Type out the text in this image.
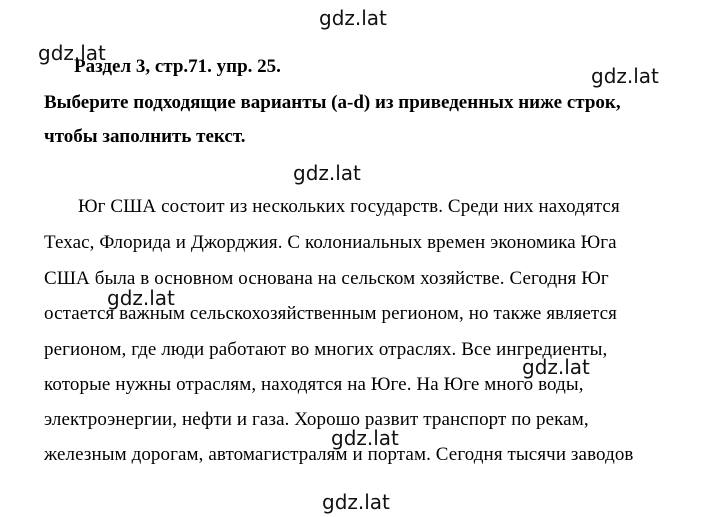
Раздел 3, стр.71. упр. 25.
Выберите подходящие варианты (a-d) из приведенных ниже строк,
чтобы заполнить текст.
Юг США состоит из нескольких государств. Среди них находятся
Техас, Флорида и Джорджия. С колониальных времен экономика Юга
США была в основном основана на сельском хозяйстве. Сегодня Юг
остается важным сельскохозяйственным регионом, но также является
регионом, где люди работают во многих отраслях. Все ингредиенты,
которые нужны отраслям, находятся на Юге. На Юге много воды,
электроэнергии, нефти и газа. Хорошо развит транспорт по рекам,
железным дорогам, автомагистралям и портам. Сегодня тысячи заводов
gdz.lat
gdz.lat
gdz.lat
gdz.lat
gdz.lat
gdz.lat
gdz.lat
gdz.lat
